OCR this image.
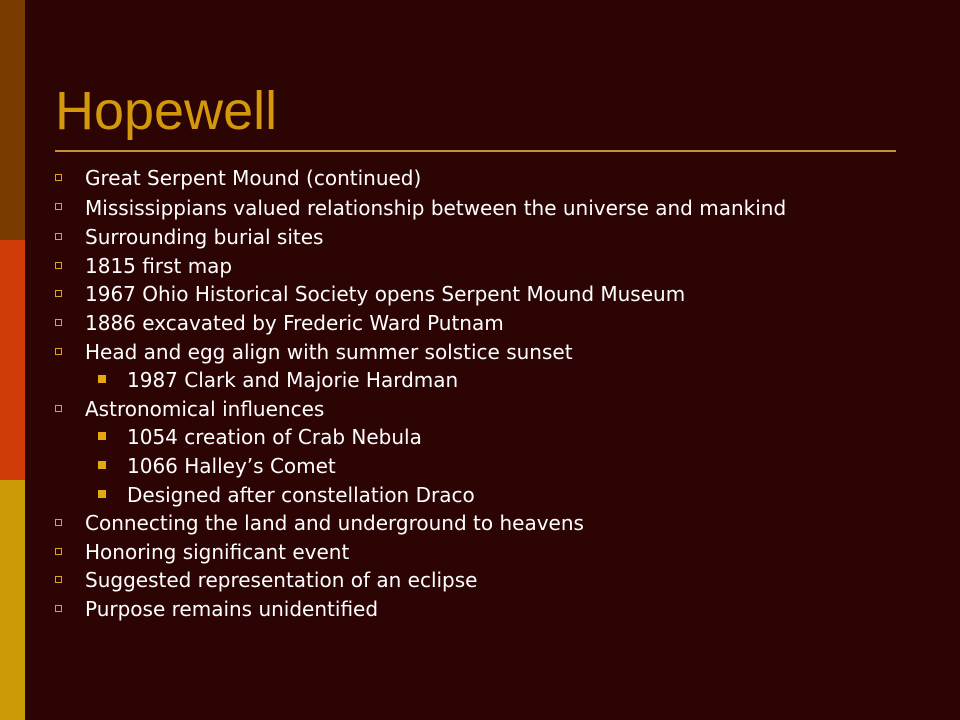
Hopewell
Great Serpent Mound (continued)
Mississippians valued relationship between the universe and mankind
Surrounding burial sites
1815 first map
1967 Ohio Historical Society opens Serpent Mound Museum
1886 excavated by Frederic Ward Putnam
Head and egg align with summer solstice sunset
1987 Clark and Majorie Hardman
Astronomical influences
1054 creation of Crab Nebula
1066 Halley’s Comet
Designed after constellation Draco
Connecting the land and underground to heavens
Honoring significant event
Suggested representation of an eclipse
Purpose remains unidentified
